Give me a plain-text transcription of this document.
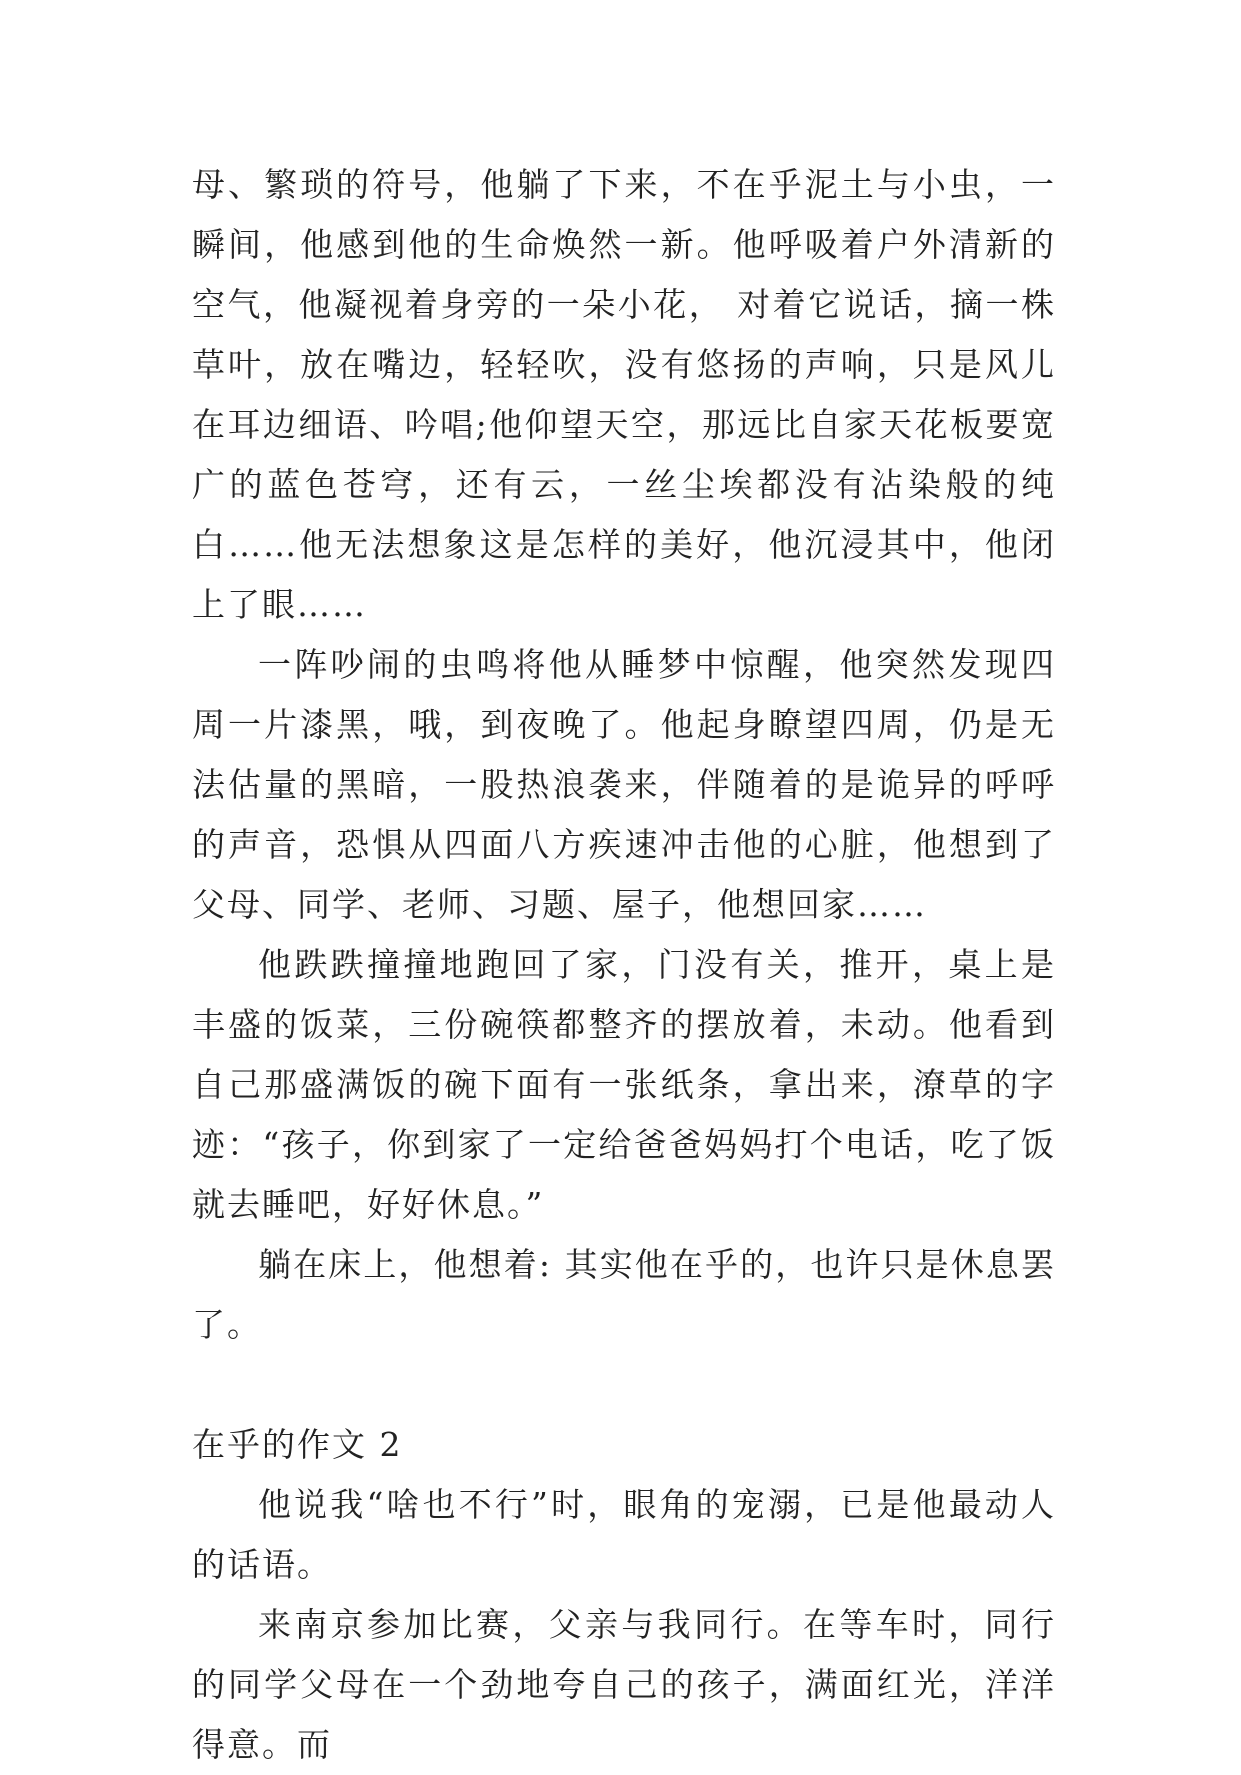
母、繁琐的符号，他躺了下来，不在乎泥土与小虫，一瞬间，他感到他的生命焕然一新。他呼吸着户外清新的空气，他凝视着身旁的一朵小花， 对着它说话，摘一株草叶，放在嘴边，轻轻吹，没有悠扬的声响，只是风儿在耳边细语、吟唱;他仰望天空，那远比自家天花板要宽广的蓝色苍穹，还有云，一丝尘埃都没有沾染般的纯白……他无法想象这是怎样的美好，他沉浸其中，他闭上了眼……

一阵吵闹的虫鸣将他从睡梦中惊醒，他突然发现四周一片漆黑，哦，到夜晚了。他起身瞭望四周，仍是无法估量的黑暗，一股热浪袭来，伴随着的是诡异的呼呼的声音，恐惧从四面八方疾速冲击他的心脏，他想到了父母、同学、老师、习题、屋子，他想回家……

他跌跌撞撞地跑回了家，门没有关，推开，桌上是丰盛的饭菜，三份碗筷都整齐的摆放着，未动。他看到自己那盛满饭的碗下面有一张纸条，拿出来，潦草的字迹：“孩子，你到家了一定给爸爸妈妈打个电话，吃了饭就去睡吧，好好休息。”

躺在床上，他想着: 其实他在乎的，也许只是休息罢了。

在乎的作文 2

他说我“啥也不行”时，眼角的宠溺，已是他最动人的话语。

来南京参加比赛，父亲与我同行。在等车时，同行的同学父母在一个劲地夸自己的孩子，满面红光，洋洋得意。而
